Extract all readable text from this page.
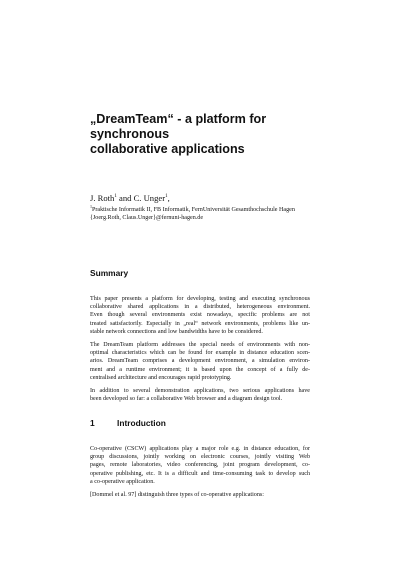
„DreamTeam“ - a platform for synchronous
collaborative applications
J. Roth$^1$ and C. Unger$^1$,
$^1$Praktische Informatik II, FB Informatik, FernUniversität Gesamthochschule Hagen
{Joerg.Roth, Claus.Unger}@fernuni-hagen.de
Summary

This paper presents a platform for developing, testing and executing synchronous
collaborative shared applications in a distributed, heterogeneous environment.
Even though several environments exist nowadays, specific problems are not
treated satisfactorily. Especially in „real“ network environments, problems like un-
stable network connections and low bandwidths have to be considered.

The DreamTeam platform addresses the special needs of environments with non-
optimal characteristics which can be found for example in distance education scen-
arios. DreamTeam comprises a development environment, a simulation environ-
ment and a runtime environment; it is based upon the concept of a fully de-
centralised architecture and encourages rapid prototyping.

In addition to several demonstration applications, two serious applications have
been developed so far: a collaborative Web browser and a diagram design tool.

1	Introduction

Co-operative (CSCW) applications play a major role e.g. in distance education, for
group discussions, jointly working on electronic courses, jointly visiting Web
pages, remote laboratories, video conferencing, joint program development, co-
operative publishing, etc. It is a difficult and time-consuming task to develop such
a co-operative application.

[Dommel et al. 97] distinguish three types of co-operative applications:
